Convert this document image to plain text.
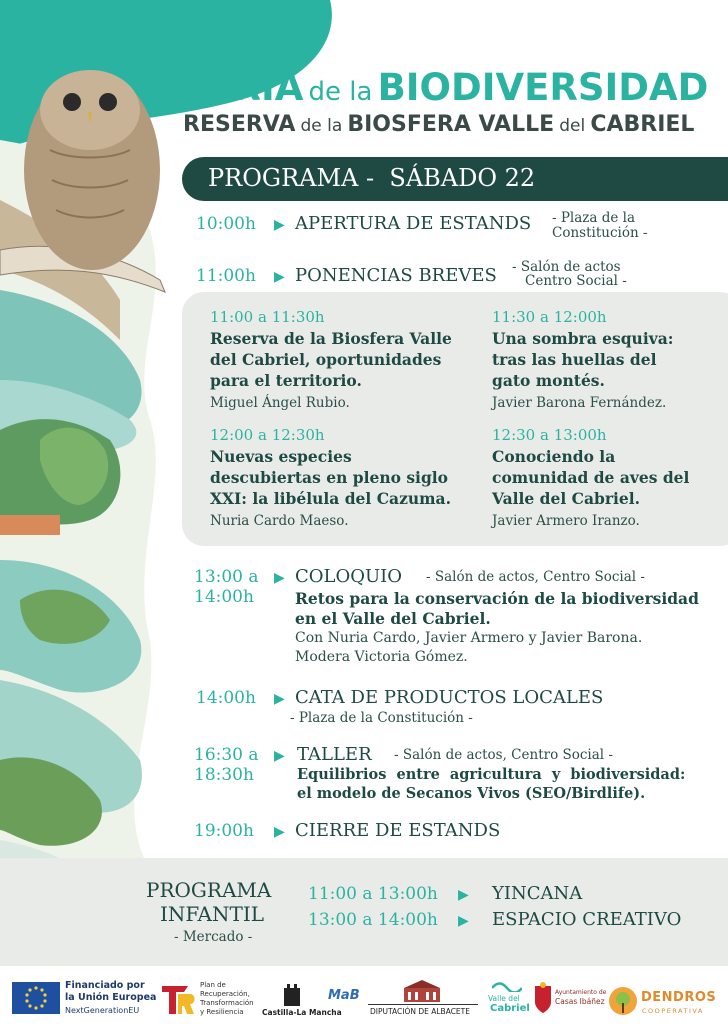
FERIA de la BIODIVERSIDAD
RESERVA de la BIOSFERA VALLE del CABRIEL
PROGRAMA -  SÁBADO 22
10:00h ▶ APERTURA DE ESTANDS - Plaza de la
Constitución -
11:00h ▶ PONENCIAS BREVES - Salón de actos
Centro Social -
11:00 a 11:30h
Reserva de la Biosfera Valle
del Cabriel, oportunidades
para el territorio.
Miguel Ángel Rubio.
11:30 a 12:00h
Una sombra esquiva:
tras las huellas del
gato montés.
Javier Barona Fernández.
12:00 a 12:30h
Nuevas especies
descubiertas en pleno siglo
XXI: la libélula del Cazuma.
Nuria Cardo Maeso.
12:30 a 13:00h
Conociendo la
comunidad de aves del
Valle del Cabriel.
Javier Armero Iranzo.
13:00 a
14:00h
▶ COLOQUIO - Salón de actos, Centro Social -
Retos para la conservación de la biodiversidad
en el Valle del Cabriel.
Con Nuria Cardo, Javier Armero y Javier Barona.
Modera Victoria Gómez.
14:00h ▶ CATA DE PRODUCTOS LOCALES
- Plaza de la Constitución -
16:30 a
18:30h
▶ TALLER - Salón de actos, Centro Social -
Equilibrios  entre  agricultura  y  biodiversidad:
el modelo de Secanos Vivos (SEO/Birdlife).
19:00h ▶ CIERRE DE ESTANDS
PROGRAMA
INFANTIL
- Mercado -
11:00 a 13:00h ▶ YINCANA
13:00 a 14:00h ▶ ESPACIO CREATIVO
Financiado por
la Unión Europea
NextGenerationEU
Plan de
Recuperación,
Transformación
y Resiliencia Castilla-La Mancha
MaB
DIPUTACIÓN DE ALBACETE
Valle del
Cabriel
Ayuntamiento de
Casas Ibáñez	DENDROS
COOPERATIVA
